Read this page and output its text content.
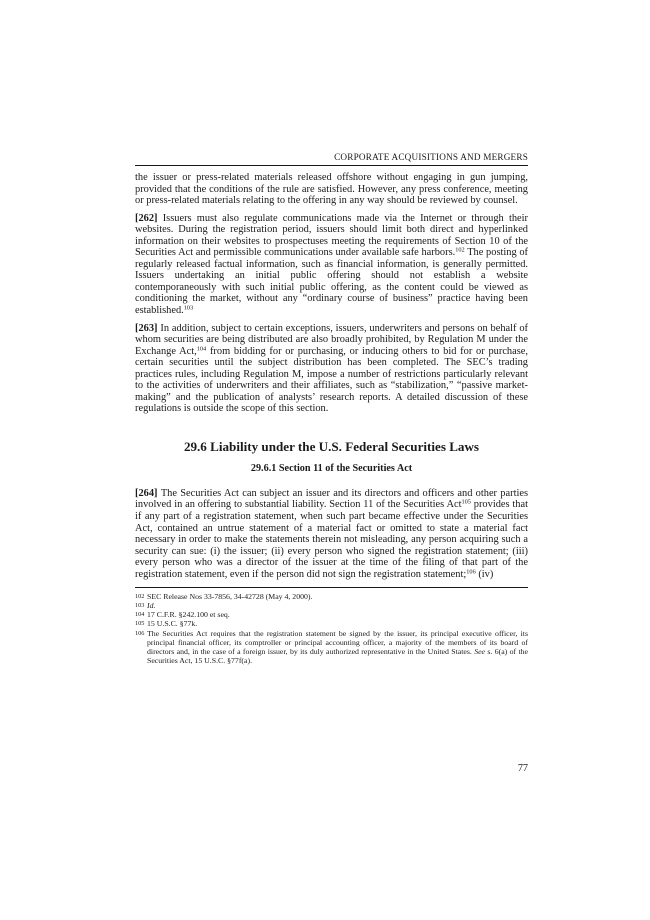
CORPORATE ACQUISITIONS AND MERGERS

the issuer or press-related materials released offshore without engaging in gun jumping, provided that the conditions of the rule are satisfied. However, any press conference, meeting or press-related materials relating to the offering in any way should be reviewed by counsel.

[262] Issuers must also regulate communications made via the Internet or through their websites. During the registration period, issuers should limit both direct and hyperlinked information on their websites to prospectuses meeting the requirements of Section 10 of the Securities Act and permissible communications under available safe harbors.$^{102}$ The posting of regularly released factual information, such as financial information, is generally permitted. Issuers undertaking an initial public offering should not establish a website contemporaneously with such initial public offering, as the content could be viewed as conditioning the market, without any “ordinary course of business” practice having been established.$^{103}$

[263] In addition, subject to certain exceptions, issuers, underwriters and persons on behalf of whom securities are being distributed are also broadly prohibited, by Regulation M under the Exchange Act,$^{104}$ from bidding for or purchasing, or inducing others to bid for or purchase, certain securities until the subject distribution has been completed. The SEC’s trading practices rules, including Regulation M, impose a number of restrictions particularly relevant to the activities of underwriters and their affiliates, such as “stabilization,” “passive market-making” and the publication of analysts’ research reports. A detailed discussion of these regulations is outside the scope of this section.

29.6 Liability under the U.S. Federal Securities Laws
29.6.1 Section 11 of the Securities Act

[264] The Securities Act can subject an issuer and its directors and officers and other parties involved in an offering to substantial liability. Section 11 of the Securities Act$^{105}$ provides that if any part of a registration statement, when such part became effective under the Securities Act, contained an untrue statement of a material fact or omitted to state a material fact necessary in order to make the statements therein not misleading, any person acquiring such a security can sue: (i) the issuer; (ii) every person who signed the registration statement; (iii) every person who was a director of the issuer at the time of the filing of that part of the registration statement, even if the person did not sign the registration statement;$^{106}$ (iv)

102 SEC Release Nos 33-7856, 34-42728 (May 4, 2000).

103 Id.

104 17 C.F.R. §242.100 et seq.

105 15 U.S.C. §77k.

106 The Securities Act requires that the registration statement be signed by the issuer, its principal executive officer, its principal financial officer, its comptroller or principal accounting officer, a majority of the members of its board of directors and, in the case of a foreign issuer, by its duly authorized representative in the United States. See s. 6(a) of the Securities Act, 15 U.S.C. §77f(a).

77
